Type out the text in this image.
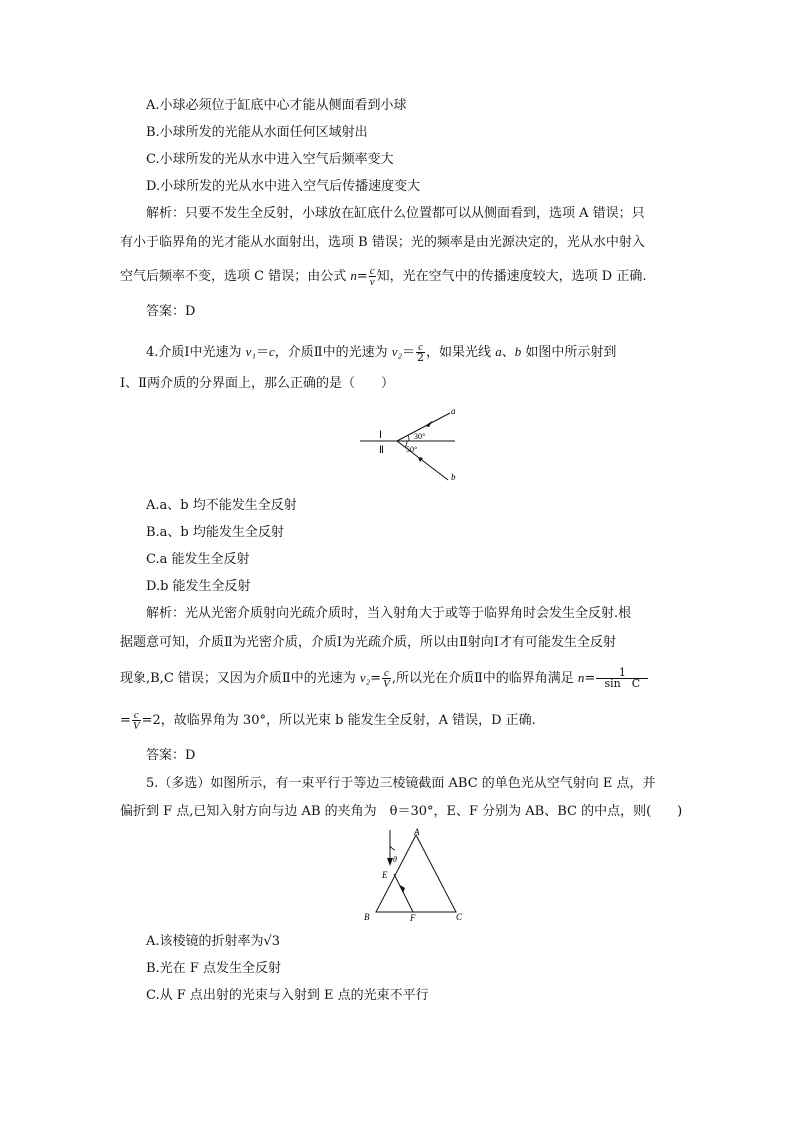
A.小球必须位于缸底中心才能从侧面看到小球
B.小球所发的光能从水面任何区域射出
C.小球所发的光从水中进入空气后频率变大
D.小球所发的光从水中进入空气后传播速度变大
解析：只要不发生全反射，小球放在缸底什么位置都可以从侧面看到，选项 A 错误；只
有小于临界角的光才能从水面射出，选项 B 错误；光的频率是由光源决定的，光从水中射入
空气后频率不变，选项 C 错误；由公式 $n= \frac{c}{v}$ 知，光在空气中的传播速度较大，选项 D 正确.
答案：D
4.介质Ⅰ中光速为 v₁＝c，介质Ⅱ中的光速为 $v_2= \frac{c}{2}$ ，如果光线 a、b 如图中所示射到
Ⅰ、Ⅱ两介质的分界面上，那么正确的是（　　）
Ⅰ
Ⅱ
30°
50°
a
b
A.a、b 均不能发生全反射
B.a、b 均能发生全反射
C.a 能发生全反射
D.b 能发生全反射
解析：光从光密介质射向光疏介质时，当入射角大于或等于临界角时会发生全反射.根
据题意可知，介质Ⅱ为光密介质，介质Ⅰ为光疏介质，所以由Ⅱ射向Ⅰ才有可能发生全反射
现象,B,C 错误；又因为介质Ⅱ中的光速为 $v_2= \frac{c}{V}$ ,所以光在介质Ⅱ中的临界角满足 $n= \frac{1}{\text{sin　C}}$
= $\frac{c}{V} =2$，故临界角为 30°，所以光束 b 能发生全反射，A 错误，D 正确.
答案：D
5.（多选）如图所示，有一束平行于等边三棱镜截面 ABC 的单色光从空气射向 E 点，并
偏折到 F 点,已知入射方向与边 AB 的夹角为　θ＝30°，E、F 分别为 AB、BC 的中点，则(　　)
A
B	C
E
F
θ
A.该棱镜的折射率为√3
B.光在 F 点发生全反射
C.从 F 点出射的光束与入射到 E 点的光束不平行
